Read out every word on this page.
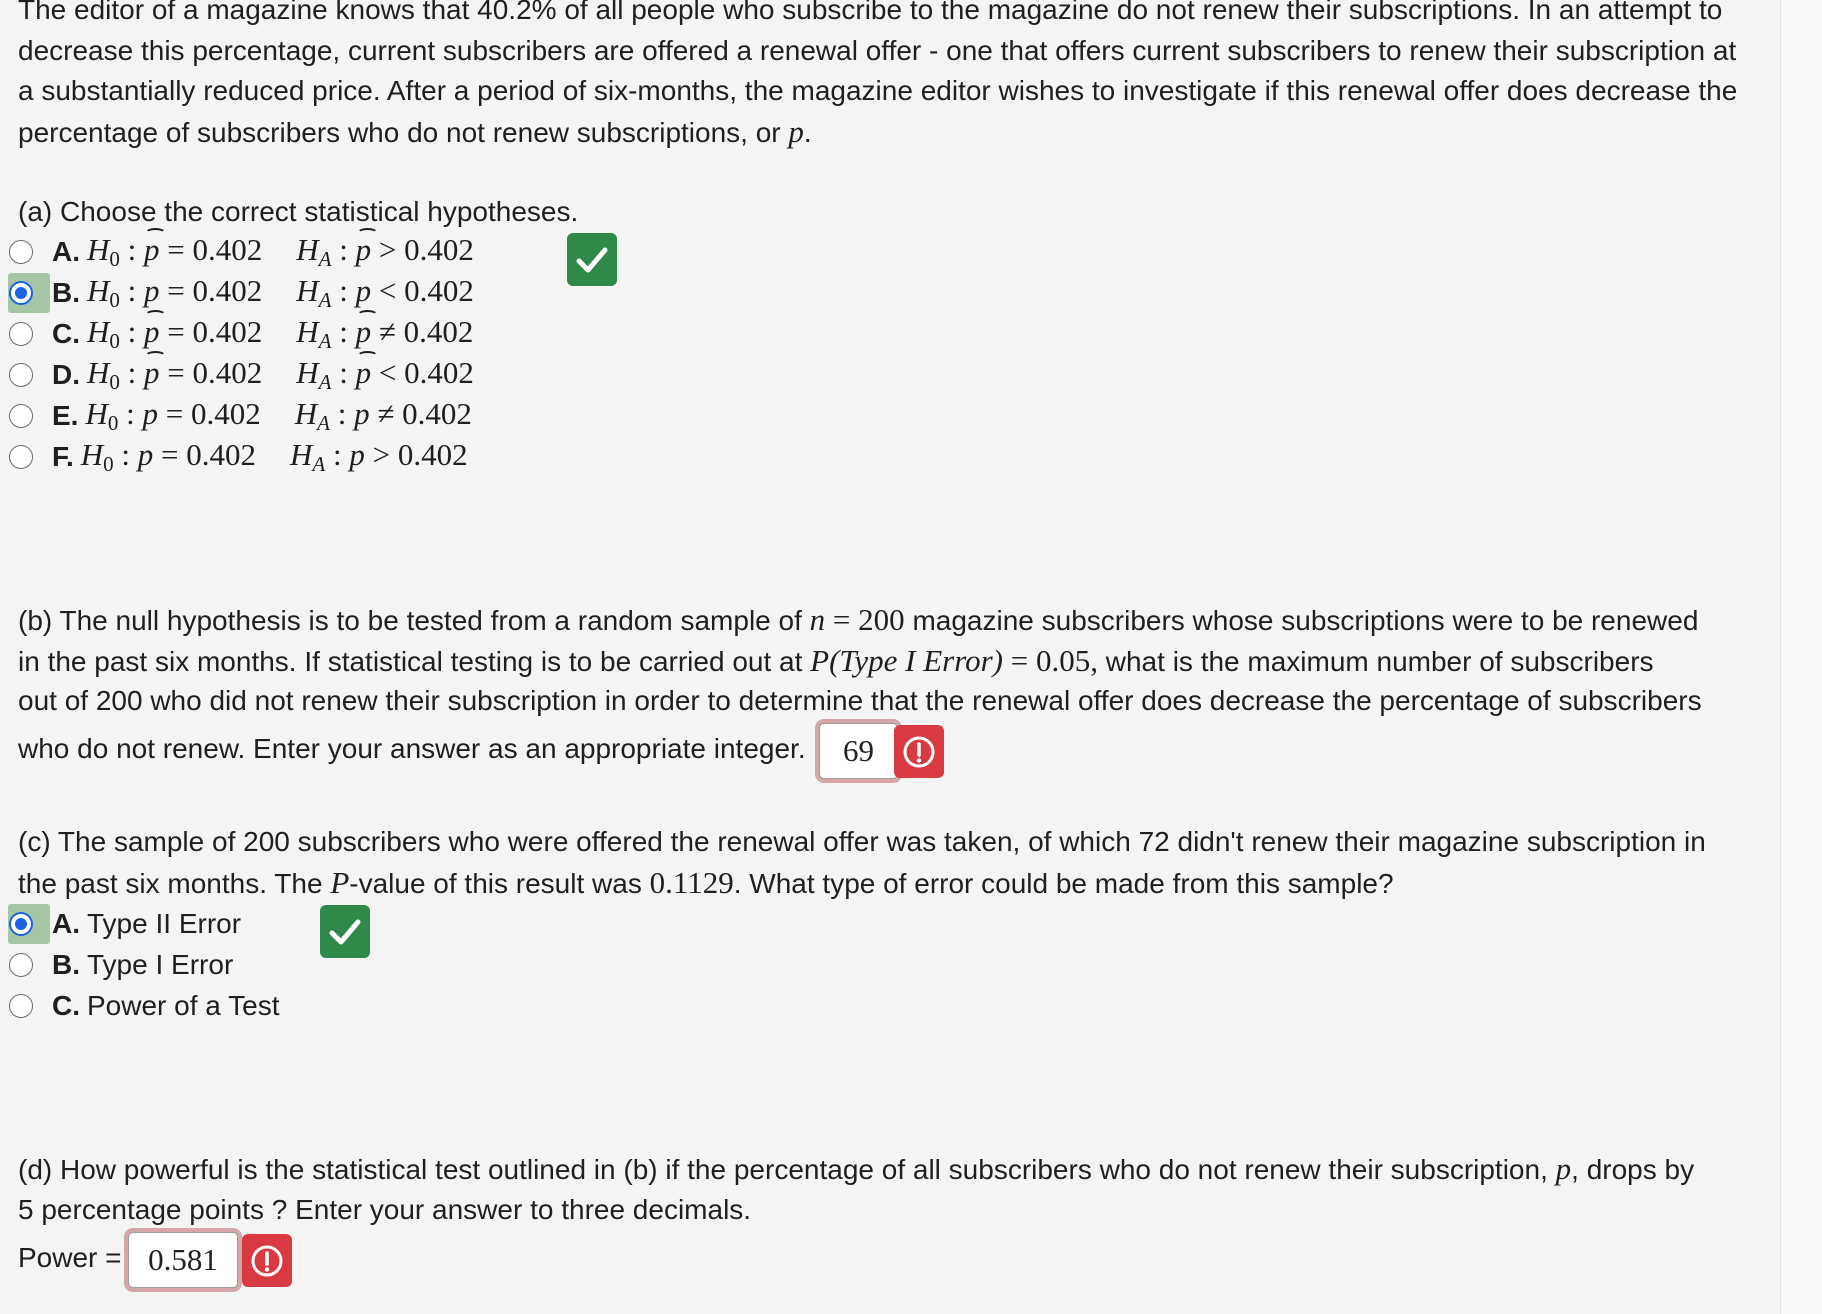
The editor of a magazine knows that 40.2% of all people who subscribe to the magazine do not renew their subscriptions. In an attempt to decrease this percentage, current subscribers are offered a renewal offer - one that offers current subscribers to renew their subscription at a substantially reduced price. After a period of six-months, the magazine editor wishes to investigate if this renewal offer does decrease the percentage of subscribers who do not renew subscriptions, or p.

(a) Choose the correct statistical hypotheses.

A. $H_0$ : p = 0.402 $H_A$ : p > 0.402
B. $H_0$ : p = 0.402 $H_A$ : p < 0.402
C. $H_0$ : p = 0.402 $H_A$ : p ≠ 0.402
D. $H_0$ : p = 0.402 $H_A$ : p < 0.402
E. $H_0$ : p = 0.402 $H_A$ : p ≠ 0.402
F. $H_0$ : p = 0.402 $H_A$ : p > 0.402

(b) The null hypothesis is to be tested from a random sample of n = 200 magazine subscribers whose subscriptions were to be renewed

in the past six months. If statistical testing is to be carried out at P(Type I Error) = 0.05, what is the maximum number of subscribers

out of 200 who did not renew their subscription in order to determine that the renewal offer does decrease the percentage of subscribers

who do not renew. Enter your answer as an appropriate integer.	69

(c) The sample of 200 subscribers who were offered the renewal offer was taken, of which 72 didn't renew their magazine subscription in

the past six months. The P-value of this result was 0.1129. What type of error could be made from this sample?

A. Type II Error
B. Type I Error
C. Power of a Test

(d) How powerful is the statistical test outlined in (b) if the percentage of all subscribers who do not renew their subscription, p, drops by

5 percentage points ? Enter your answer to three decimals.

Power = 0.581
